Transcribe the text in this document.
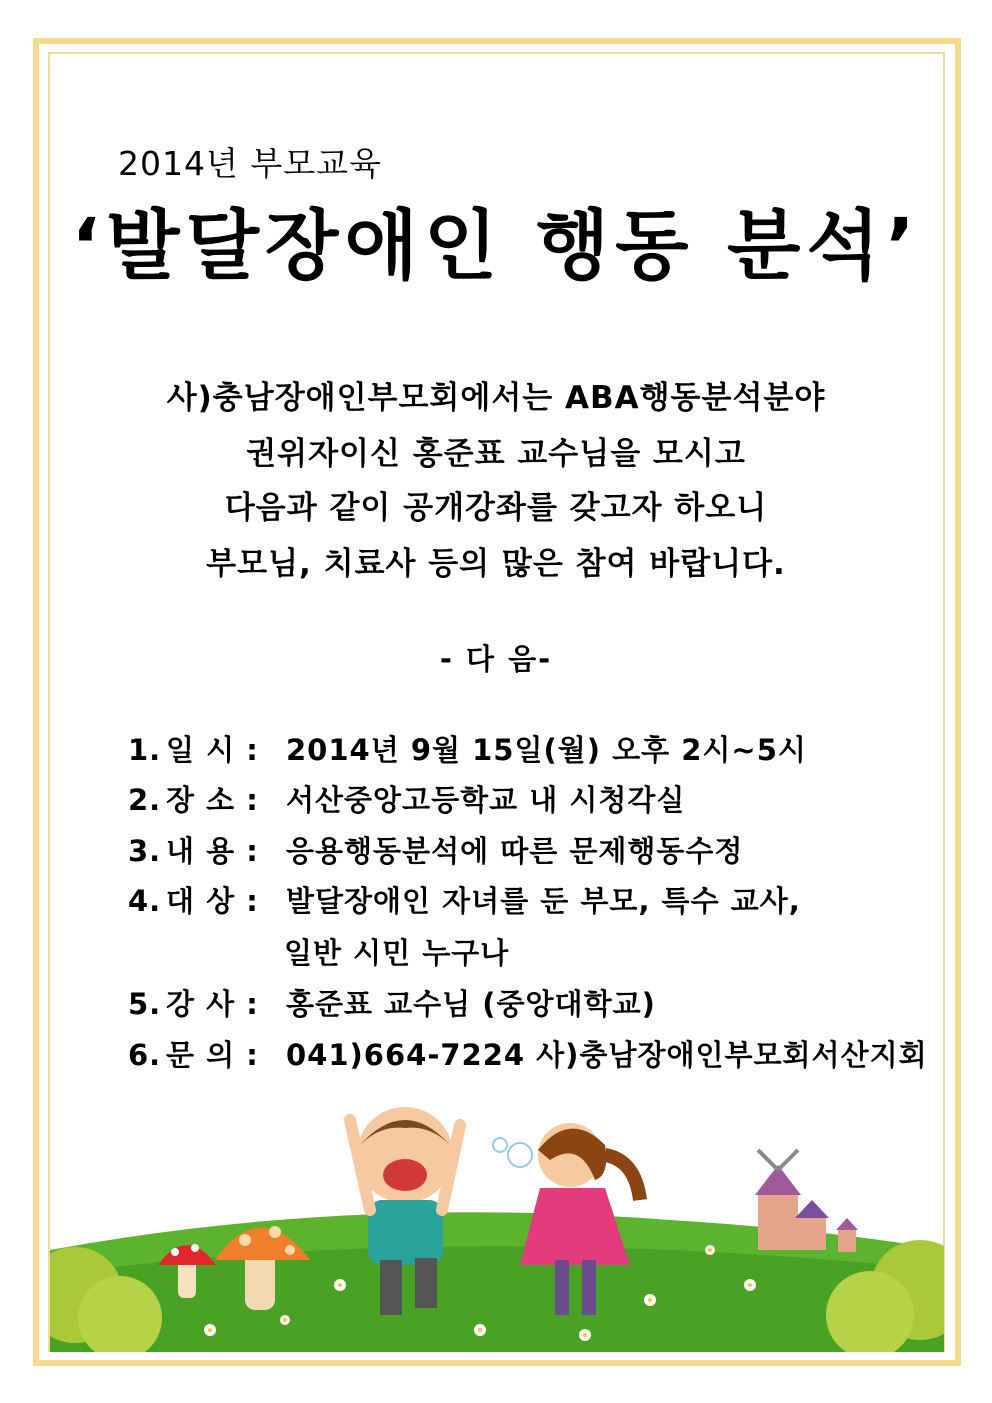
2014년 부모교육
‘발달장애인 행동 분석’
사)충남장애인부모회에서는 ABA행동분석분야
권위자이신 홍준표 교수님을 모시고
다음과 같이 공개강좌를 갖고자 하오니
부모님, 치료사 등의 많은 참여 바랍니다.
- 다 음-
1. 일 시 : 2014년 9월 15일(월) 오후 2시~5시
2. 장 소 : 서산중앙고등학교 내 시청각실
3. 내 용 : 응용행동분석에 따른 문제행동수정
4. 대 상 : 발달장애인 자녀를 둔 부모, 특수 교사,
일반 시민 누구나
5. 강 사 : 홍준표 교수님 (중앙대학교)
6. 문 의 : 041)664-7224 사)충남장애인부모회서산지회
